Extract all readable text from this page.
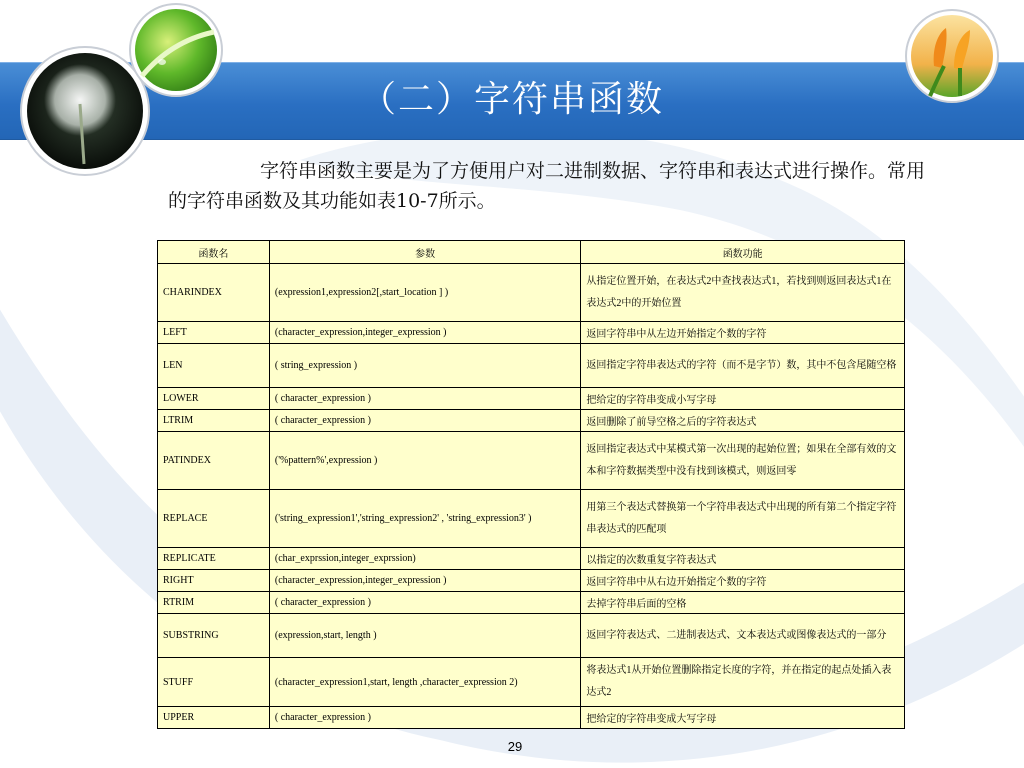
（二）字符串函数
字符串函数主要是为了方便用户对二进制数据、字符串和表达式进行操作。常用的字符串函数及其功能如表10-7所示。
函数名	参数	函数功能
CHARINDEX	(expression1,expression2[,start_location ] )	从指定位置开始，在表达式2中查找表达式1，若找到则返回表达式1在表达式2中的开始位置
LEFT	(character_expression,integer_expression )	返回字符串中从左边开始指定个数的字符
LEN	( string_expression )	返回指定字符串表达式的字符（而不是字节）数，其中不包含尾随空格
LOWER	( character_expression )	把给定的字符串变成小写字母
LTRIM	( character_expression )	返回删除了前导空格之后的字符表达式
PATINDEX	('%pattern%',expression )	返回指定表达式中某模式第一次出现的起始位置；如果在全部有效的文本和字符数据类型中没有找到该模式，则返回零
REPLACE	('string_expression1','string_expression2' , 'string_expression3' )	用第三个表达式替换第一个字符串表达式中出现的所有第二个指定字符串表达式的匹配项
REPLICATE	(char_exprssion,integer_exprssion)	以指定的次数重复字符表达式
RIGHT	(character_expression,integer_expression )	返回字符串中从右边开始指定个数的字符
RTRIM	( character_expression )	去掉字符串后面的空格
SUBSTRING	(expression,start, length )	返回字符表达式、二进制表达式、文本表达式或图像表达式的一部分
STUFF	(character_expression1,start, length ,character_expression 2)	将表达式1从开始位置删除指定长度的字符，并在指定的起点处插入表达式2
UPPER	( character_expression )	把给定的字符串变成大写字母
29
